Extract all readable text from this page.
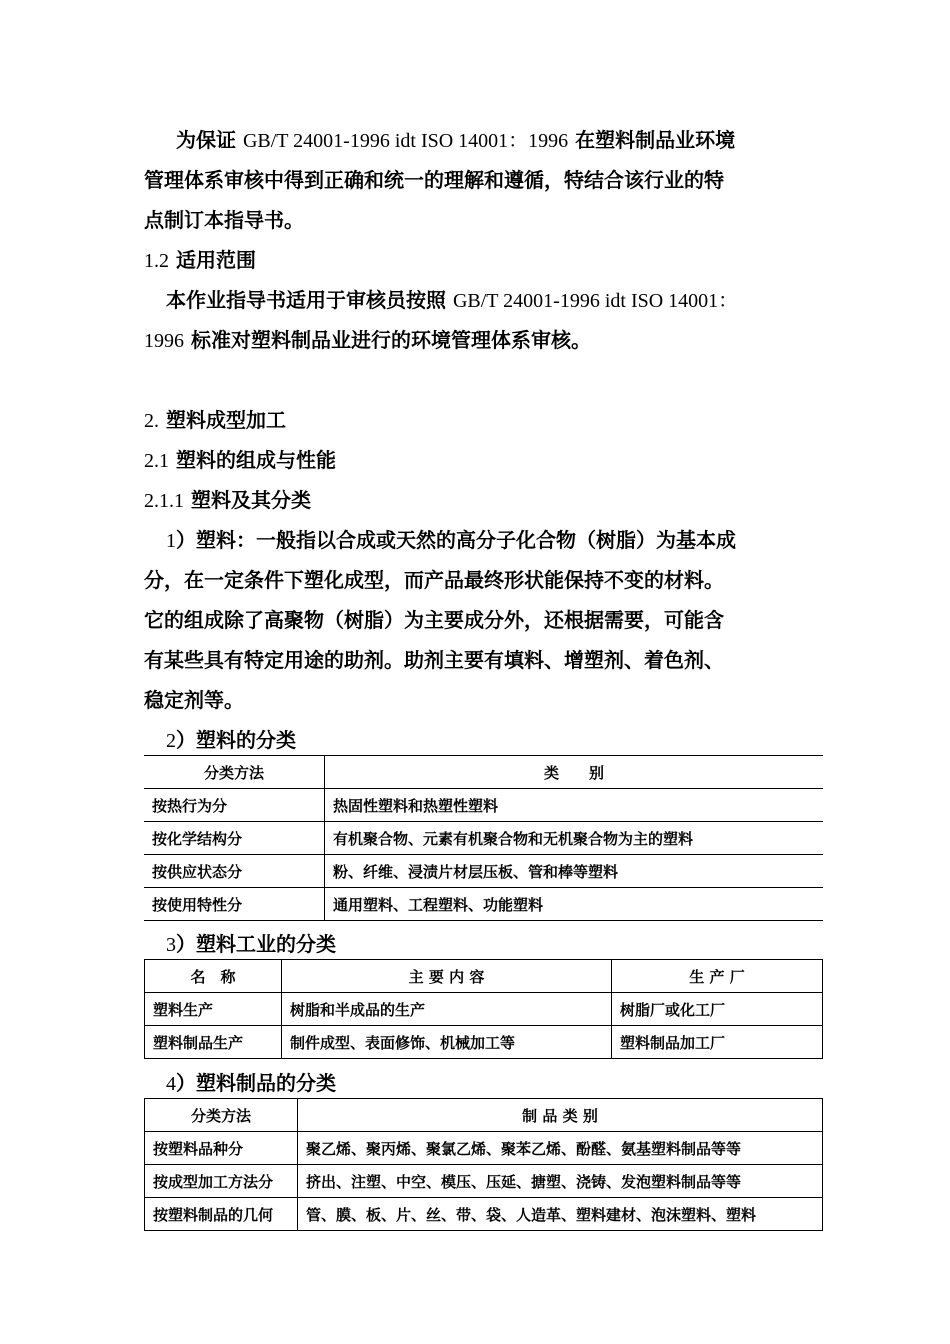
为保证 GB/T 24001-1996 idt ISO 14001：1996 在塑料制品业环境
管理体系审核中得到正确和统一的理解和遵循，特结合该行业的特
点制订本指导书。
1.2 适用范围
本作业指导书适用于审核员按照 GB/T 24001-1996 idt ISO 14001：
1996 标准对塑料制品业进行的环境管理体系审核。
2. 塑料成型加工
2.1 塑料的组成与性能
2.1.1 塑料及其分类
1）塑料：一般指以合成或天然的高分子化合物（树脂）为基本成
分，在一定条件下塑化成型，而产品最终形状能保持不变的材料。
它的组成除了高聚物（树脂）为主要成分外，还根据需要，可能含
有某些具有特定用途的助剂。助剂主要有填料、增塑剂、着色剂、
稳定剂等。
2）塑料的分类
分类方法	类　　别
按热行为分	热固性塑料和热塑性塑料
按化学结构分	有机聚合物、元素有机聚合物和无机聚合物为主的塑料
按供应状态分	粉、纤维、浸渍片材层压板、管和棒等塑料
按使用特性分	通用塑料、工程塑料、功能塑料
3）塑料工业的分类
名　称	主 要 内 容	生 产 厂
塑料生产	树脂和半成品的生产	树脂厂或化工厂
塑料制品生产	制件成型、表面修饰、机械加工等	塑料制品加工厂
4）塑料制品的分类
分类方法	制 品 类 别
按塑料品种分	聚乙烯、聚丙烯、聚氯乙烯、聚苯乙烯、酚醛、氨基塑料制品等等
按成型加工方法分	挤出、注塑、中空、模压、压延、搪塑、浇铸、发泡塑料制品等等
按塑料制品的几何	管、膜、板、片、丝、带、袋、人造革、塑料建材、泡沫塑料、塑料
